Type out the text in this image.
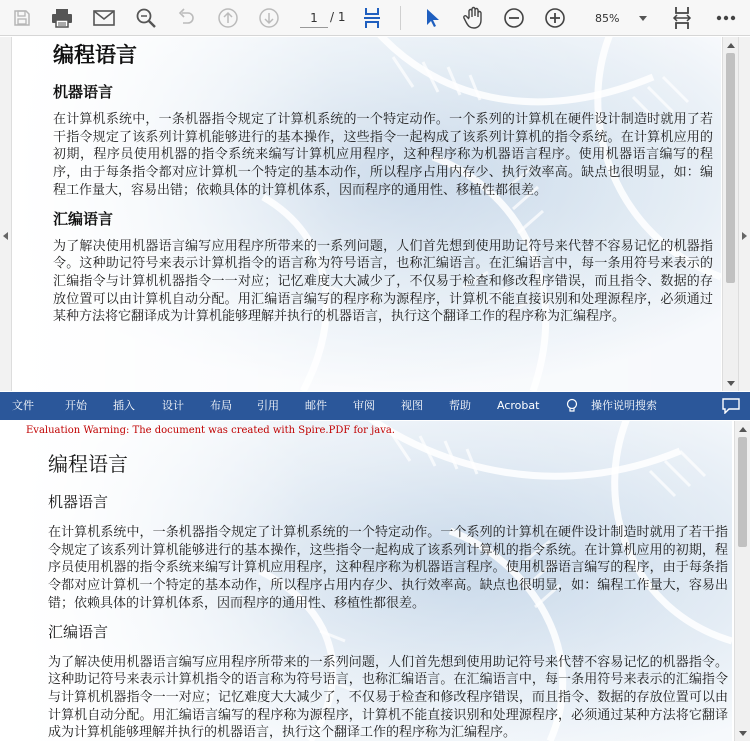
1
/ 1	85%
编程语言
机器语言
在计算机系统中，一条机器指令规定了计算机系统的一个特定动作。一个系列的计算机在硬件设计制造时就用了若干指令规定了该系列计算机能够进行的基本操作，这些指令一起构成了该系列计算机的指令系统。在计算机应用的初期，程序员使用机器的指令系统来编写计算机应用程序，这种程序称为机器语言程序。使用机器语言编写的程序，由于每条指令都对应计算机一个特定的基本动作，所以程序占用内存少、执行效率高。缺点也很明显，如：编程工作量大，容易出错；依赖具体的计算机体系，因而程序的通用性、移植性都很差。
汇编语言
为了解决使用机器语言编写应用程序所带来的一系列问题，人们首先想到使用助记符号来代替不容易记忆的机器指令。这种助记符号来表示计算机指令的语言称为符号语言，也称汇编语言。在汇编语言中，每一条用符号来表示的汇编指令与计算机机器指令一一对应；记忆难度大大减少了，不仅易于检查和修改程序错误，而且指令、数据的存放位置可以由计算机自动分配。用汇编语言编写的程序称为源程序，计算机不能直接识别和处理源程序，必须通过某种方法将它翻译成为计算机能够理解并执行的机器语言，执行这个翻译工作的程序称为汇编程序。
文件	开始 插入 设计 布局 引用 邮件 审阅 视图 帮助 Acrobat	操作说明搜索
Evaluation Warning: The document was created with Spire.PDF for java.
编程语言
机器语言
在计算机系统中，一条机器指令规定了计算机系统的一个特定动作。一个系列的计算机在硬件设计制造时就用了若干指令规定了该系列计算机能够进行的基本操作，这些指令一起构成了该系列计算机的指令系统。在计算机应用的初期，程序员使用机器的指令系统来编写计算机应用程序，这种程序称为机器语言程序。使用机器语言编写的程序，由于每条指令都对应计算机一个特定的基本动作，所以程序占用内存少、执行效率高。缺点也很明显，如：编程工作量大，容易出错；依赖具体的计算机体系，因而程序的通用性、移植性都很差。
汇编语言
为了解决使用机器语言编写应用程序所带来的一系列问题，人们首先想到使用助记符号来代替不容易记忆的机器指令。这种助记符号来表示计算机指令的语言称为符号语言，也称汇编语言。在汇编语言中，每一条用符号来表示的汇编指令与计算机机器指令一一对应；记忆难度大大减少了，不仅易于检查和修改程序错误，而且指令、数据的存放位置可以由计算机自动分配。用汇编语言编写的程序称为源程序，计算机不能直接识别和处理源程序，必须通过某种方法将它翻译成为计算机能够理解并执行的机器语言，执行这个翻译工作的程序称为汇编程序。
